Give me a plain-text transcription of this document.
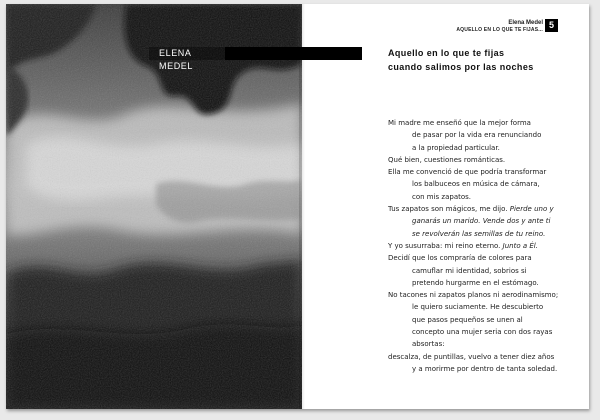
ELENA MEDEL
Elena Medel
AQUELLO EN LO QUE TE FIJAS... 5
Aquello en lo que te fijas
cuando salimos por las noches
Mi madre me enseñó que la mejor forma
de pasar por la vida era renunciando
a la propiedad particular.
Qué bien, cuestiones románticas.
Ella me convenció de que podría transformar
los balbuceos en música de cámara,
con mis zapatos.
Tus zapatos son mágicos, me dijo. Pierde uno y
ganarás un marido. Vende dos y ante ti
se revolverán las semillas de tu reino.
Y yo susurraba: mi reino eterno. Junto a Él.
Decidí que los compraría de colores para
camuflar mi identidad, sobrios si
pretendo hurgarme en el estómago.
No tacones ni zapatos planos ni aerodinamismo;
le quiero suciamente. He descubierto
que pasos pequeños se unen al
concepto una mujer seria con dos rayas
absortas:
descalza, de puntillas, vuelvo a tener diez años
y a morirme por dentro de tanta soledad.
